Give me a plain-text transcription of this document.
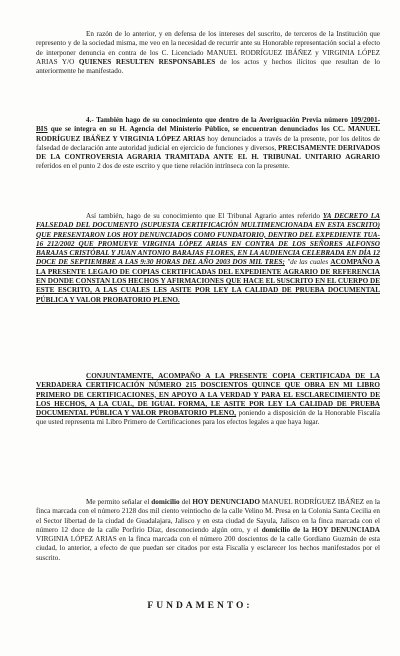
En razón de lo anterior, y en defensa de los intereses del suscrito, de terceros de la Institución que represento y de la sociedad misma, me veo en la necesidad de recurrir ante su Honorable representación social a efecto de interponer denuncia en contra de los C. Licenciado MANUEL RODRÍGUEZ IBÁÑEZ y VIRGINIA LÓPEZ ARIAS Y/O QUIENES RESULTEN RESPONSABLES de los actos y hechos ilícitos que resultan de lo anteriormente he manifestado.

4.- También hago de su conocimiento que dentro de la Averiguación Previa número 109/2001-BIS que se integra en su H. Agencia del Ministerio Público, se encuentran denunciados los CC. MANUEL RODRÍGUEZ IBÁÑEZ Y VIRGINIA LÓPEZ ARIAS hoy denunciados a través de la presente, por los delitos de falsedad de declaración ante autoridad judicial en ejercicio de funciones y diversos, PRECISAMENTE DERIVADOS DE LA CONTROVERSIA AGRARIA TRAMITADA ANTE EL H. TRIBUNAL UNITARIO AGRARIO referidos en el punto 2 dos de este escrito y que tiene relación intrínseca con la presente.

Así también, hago de su conocimiento que El Tribunal Agrario antes referido YA DECRETO LA FALSEDAD DEL DOCUMENTO (SUPUESTA CERTIFICACIÓN MULTIMENCIONADA EN ESTA ESCRITO) QUE PRESENTARON LOS HOY DENUNCIADOS COMO FUNDATORIO, DENTRO DEL EXPEDIENTE TUA-16 212/2002 QUE PROMUEVE VIRGINIA LÓPEZ ARIAS EN CONTRA DE LOS SEÑORES ALFONSO BARAJAS CRISTÓBAL Y JUAN ANTONIO BARAJAS FLORES, EN LA AUDIENCIA CELEBRADA EN DÍA 12 DOCE DE SEPTIEMBRE A LAS 9:30 HORAS DEL AÑO 2003 DOS MIL TRES; "de las cuales ACOMPAÑO A LA PRESENTE LEGAJO DE COPIAS CERTIFICADAS DEL EXPEDIENTE AGRARIO DE REFERENCIA EN DONDE CONSTAN LOS HECHOS Y AFIRMACIONES QUE HACE EL SUSCRITO EN EL CUERPO DE ESTE ESCRITO, A LAS CUALES LES ASITE POR LEY LA CALIDAD DE PRUEBA DOCUMENTAL PÚBLICA Y VALOR PROBATORIO PLENO.

CONJUNTAMENTE, ACOMPAÑO A LA PRESENTE COPIA CERTIFICADA DE LA VERDADERA CERTIFICACIÓN NÚMERO 215 DOSCIENTOS QUINCE QUE OBRA EN MI LIBRO PRIMERO DE CERTIFICACIONES, EN APOYO A LA VERDAD Y PARA EL ESCLARECIMIENTO DE LOS HECHOS, A LA CUAL, DE IGUAL FORMA, LE ASITE POR LEY LA CALIDAD DE PRUEBA DOCUMENTAL PÚBLICA Y VALOR PROBATORIO PLENO, poniendo a disposición de la Honorable Fiscalía que usted representa mi Libro Primero de Certificaciones para los efectos legales a que haya lugar.

Me permito señalar el domicilio del HOY DENUNCIADO MANUEL RODRÍGUEZ IBÁÑEZ en la finca marcada con el número 2128 dos mil ciento veintiocho de la calle Velino M. Presa en la Colonia Santa Cecilia en el Sector libertad de la ciudad de Guadalajara, Jalisco y en esta ciudad de Sayula, Jalisco en la finca marcada con el número 12 doce de la calle Porfirio Díaz, desconociendo algún otro, y el domicilio de la HOY DENUNCIADA VIRGINIA LÓPEZ ARIAS en la finca marcada con el número 200 doscientos de la calle Gordiano Guzmán de esta ciudad, lo anterior, a efecto de que puedan ser citados por esta Fiscalía y esclarecer los hechos manifestados por el suscrito.

FUNDAMENTO:
